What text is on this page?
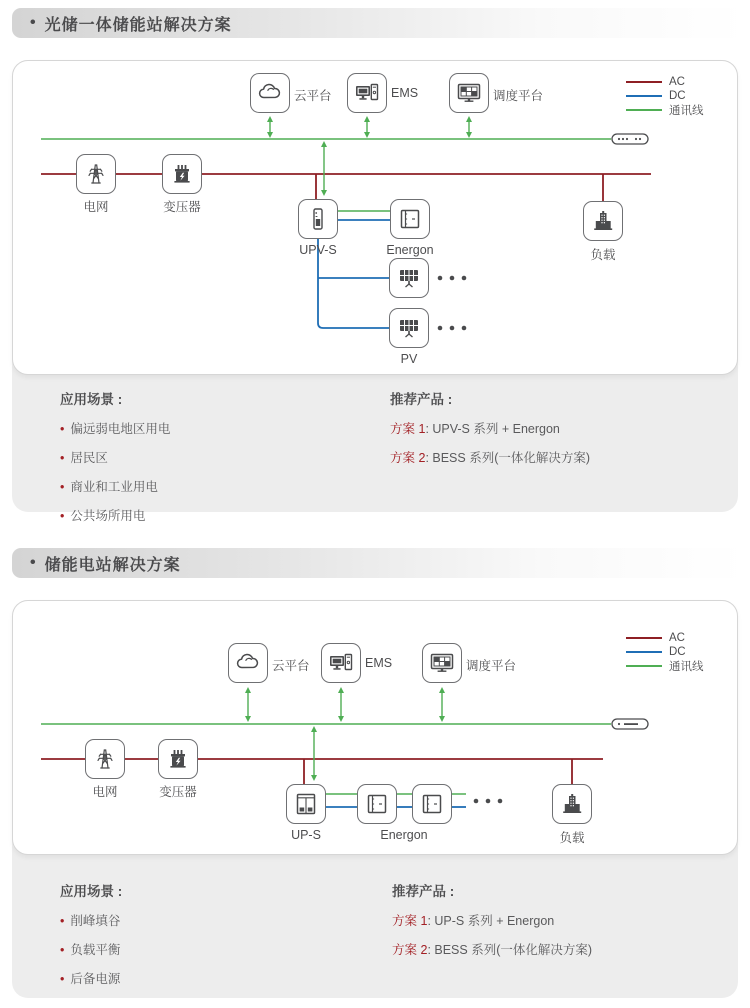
• 光储一体储能站解决方案
AC
DC
通讯线
云平台	EMS	调度平台
电网	变压器
UPV-S	Energon
PV
负载
应用场景 :
• 偏远弱电地区用电
• 居民区
• 商业和工业用电
• 公共场所用电
推荐产品 :
方案 1: UPV-S 系列 + Energon
方案 2: BESS 系列(一体化解决方案)
• 储能电站解决方案
AC
DC
通讯线
云平台	EMS	调度平台
电网	变压器
UP-S	Energon	负载
应用场景 :
• 削峰填谷
• 负载平衡
• 后备电源
推荐产品 :
方案 1: UP-S 系列 + Energon
方案 2: BESS 系列(一体化解决方案)
